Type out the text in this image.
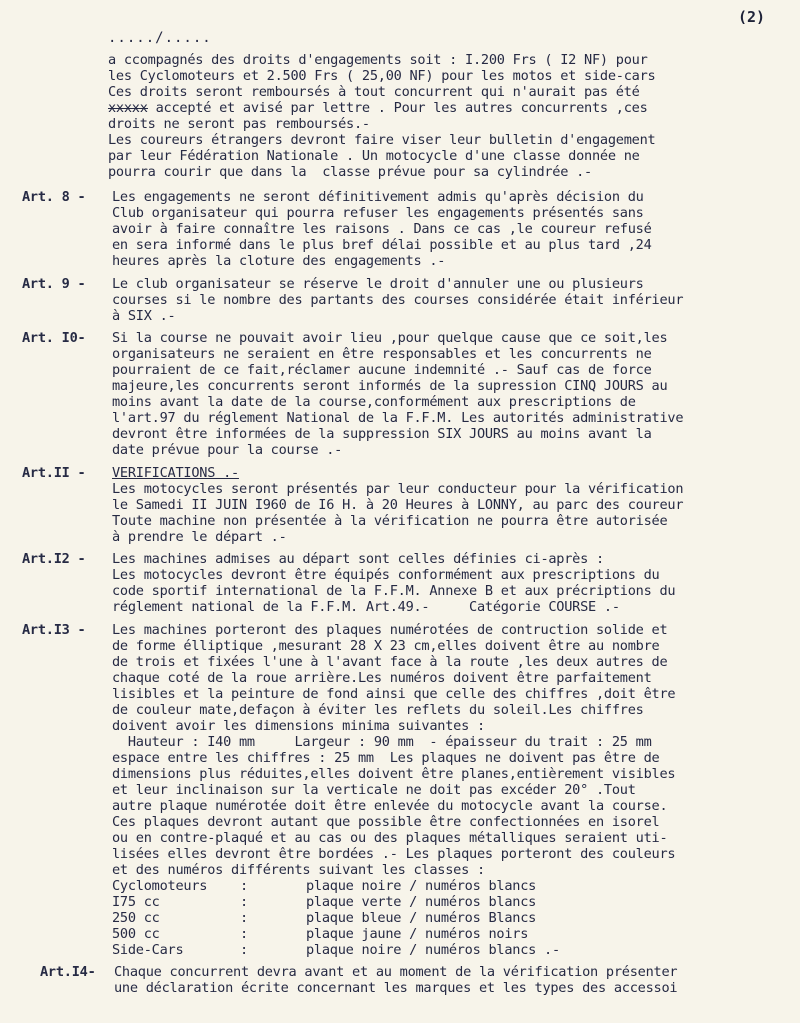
(2)
...../.....
a ccompagnés des droits d'engagements soit : I.200 Frs ( I2 NF) pour
les Cyclomoteurs et 2.500 Frs ( 25,00 NF) pour les motos et side-cars
Ces droits seront remboursés à tout concurrent qui n'aurait pas été
xxxxx accepté et avisé par lettre . Pour les autres concurrents ,ces
droits ne seront pas remboursés.-
Les coureurs étrangers devront faire viser leur bulletin d'engagement
par leur Fédération Nationale . Un motocycle d'une classe donnée ne
pourra courir que dans la  classe prévue pour sa cylindrée .-
Art. 8 - Les engagements ne seront définitivement admis qu'après décision du
Club organisateur qui pourra refuser les engagements présentés sans
avoir à faire connaître les raisons . Dans ce cas ,le coureur refusé
en sera informé dans le plus bref délai possible et au plus tard ,24
heures après la cloture des engagements .-
Art. 9 - Le club organisateur se réserve le droit d'annuler une ou plusieurs
courses si le nombre des partants des courses considérée était inférieur
à SIX .-
Art. I0- Si la course ne pouvait avoir lieu ,pour quelque cause que ce soit,les
organisateurs ne seraient en être responsables et les concurrents ne
pourraient de ce fait,réclamer aucune indemnité .- Sauf cas de force
majeure,les concurrents seront informés de la supression CINQ JOURS au
moins avant la date de la course,conformément aux prescriptions de
l'art.97 du réglement National de la F.F.M. Les autorités administrative
devront être informées de la suppression SIX JOURS au moins avant la
date prévue pour la course .-
Art.II - VERIFICATIONS .-
Les motocycles seront présentés par leur conducteur pour la vérification
le Samedi II JUIN I960 de I6 H. à 20 Heures à LONNY, au parc des coureur
Toute machine non présentée à la vérification ne pourra être autorisée
à prendre le départ .-
Art.I2 - Les machines admises au départ sont celles définies ci-après :
Les motocycles devront être équipés conformément aux prescriptions du
code sportif international de la F.F.M. Annexe B et aux précriptions du
réglement national de la F.F.M. Art.49.-     Catégorie COURSE .-
Art.I3 - Les machines porteront des plaques numérotées de contruction solide et
de forme élliptique ,mesurant 28 X 23 cm,elles doivent être au nombre
de trois et fixées l'une à l'avant face à la route ,les deux autres de
chaque coté de la roue arrière.Les numéros doivent être parfaitement
lisibles et la peinture de fond ainsi que celle des chiffres ,doit être
de couleur mate,defaçon à éviter les reflets du soleil.Les chiffres
doivent avoir les dimensions minima suivantes :
Hauteur : I40 mm     Largeur : 90 mm  - épaisseur du trait : 25 mm
espace entre les chiffres : 25 mm  Les plaques ne doivent pas être de
dimensions plus réduites,elles doivent être planes,entièrement visibles
et leur inclinaison sur la verticale ne doit pas excéder 20° .Tout
autre plaque numérotée doit être enlevée du motocycle avant la course.
Ces plaques devront autant que possible être confectionnées en isorel
ou en contre-plaqué et au cas ou des plaques métalliques seraient uti-
lisées elles devront être bordées .- Les plaques porteront des couleurs
et des numéros différents suivant les classes :
Cyclomoteurs :	plaque noire / numéros blancs
I75 cc	:	plaque verte / numéros blancs
250 cc	:	plaque bleue / numéros Blancs
500 cc	:	plaque jaune / numéros noirs
Side-Cars	:	plaque noire / numéros blancs .-
Art.I4- Chaque concurrent devra avant et au moment de la vérification présenter
une déclaration écrite concernant les marques et les types des accessoi
